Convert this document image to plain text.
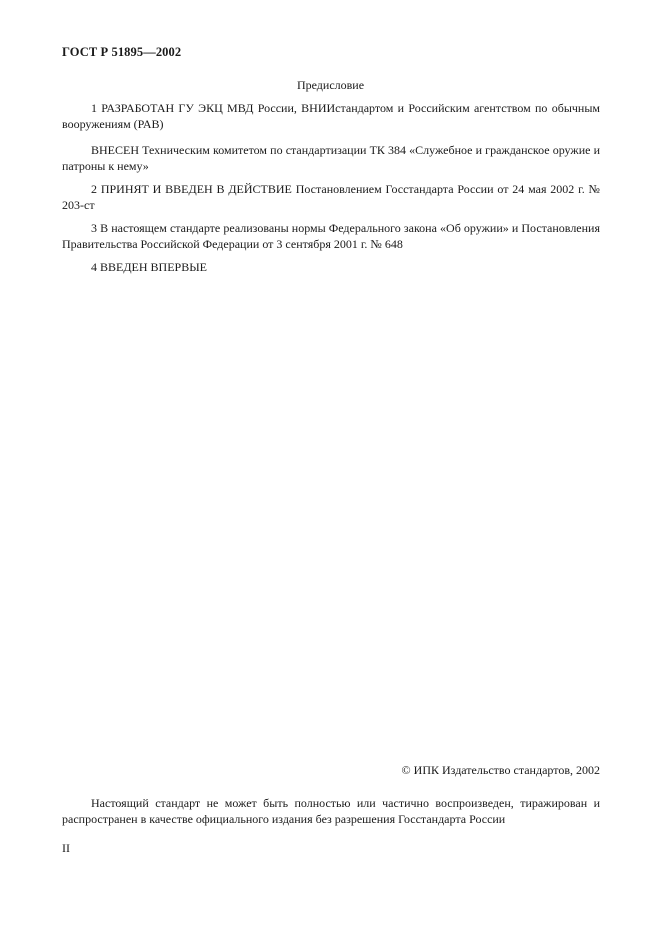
ГОСТ Р 51895—2002
Предисловие

1 РАЗРАБОТАН ГУ ЭКЦ МВД России, ВНИИстандартом и Российским агентством по обычным вооружениям (РАВ)

ВНЕСЕН Техническим комитетом по стандартизации ТК 384 «Служебное и гражданское оружие и патроны к нему»

2 ПРИНЯТ И ВВЕДЕН В ДЕЙСТВИЕ Постановлением Госстандарта России от 24 мая 2002 г. № 203-ст

3 В настоящем стандарте реализованы нормы Федерального закона «Об оружии» и Постановления Правительства Российской Федерации от 3 сентября 2001 г. № 648

4 ВВЕДЕН ВПЕРВЫЕ

© ИПК Издательство стандартов, 2002

Настоящий стандарт не может быть полностью или частично воспроизведен, тиражирован и распространен в качестве официального издания без разрешения Госстандарта России

II
